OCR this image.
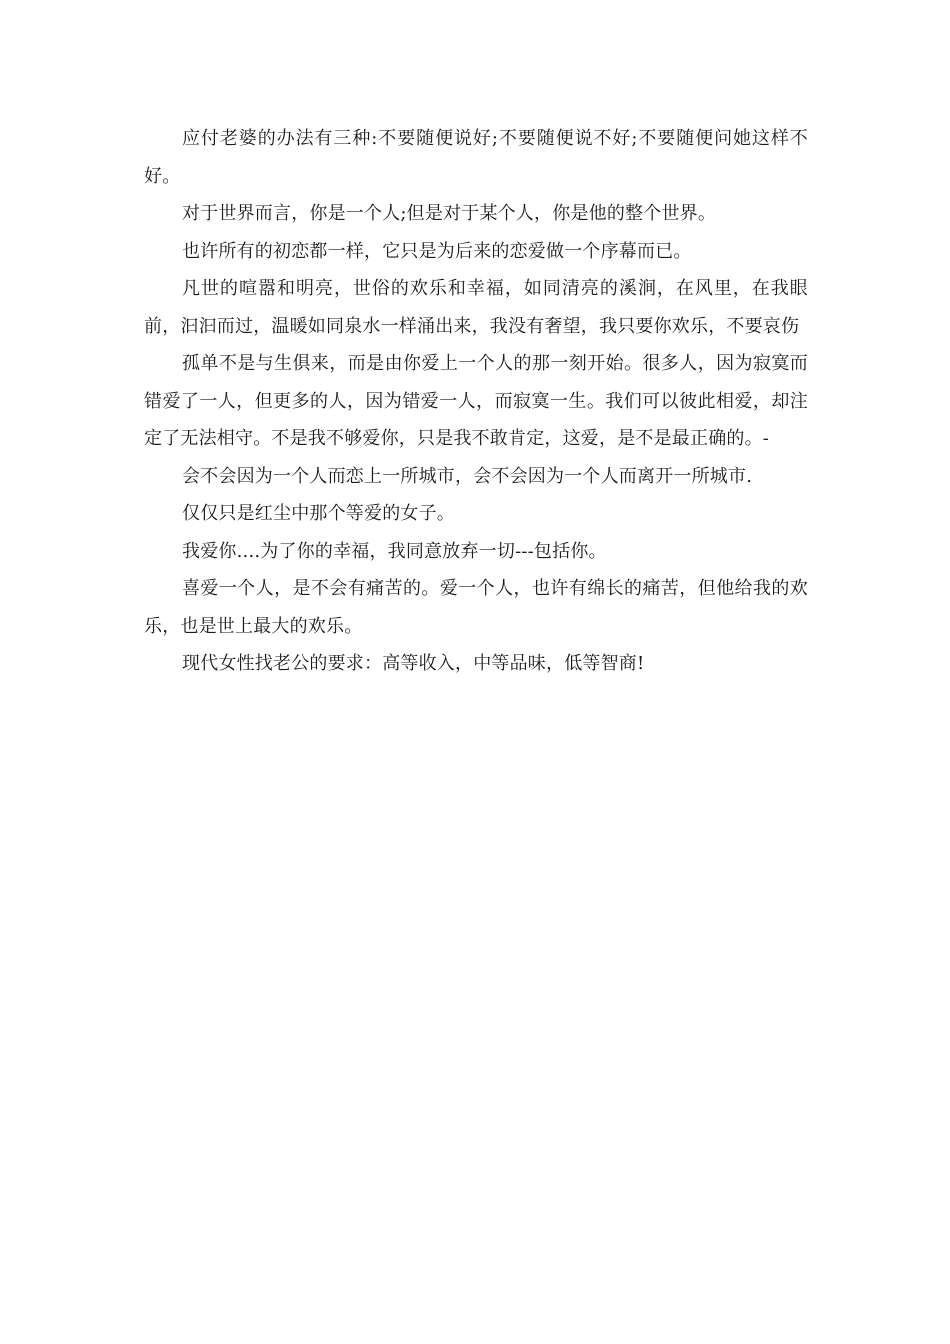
应付老婆的办法有三种:不要随便说好;不要随便说不好;不要随便问她这样不好。

对于世界而言，你是一个人;但是对于某个人，你是他的整个世界。

也许所有的初恋都一样，它只是为后来的恋爱做一个序幕而已。

凡世的喧嚣和明亮，世俗的欢乐和幸福，如同清亮的溪涧，在风里，在我眼前，汩汩而过，温暖如同泉水一样涌出来，我没有奢望，我只要你欢乐，不要哀伤

孤单不是与生俱来，而是由你爱上一个人的那一刻开始。很多人，因为寂寞而错爱了一人，但更多的人，因为错爱一人，而寂寞一生。我们可以彼此相爱，却注定了无法相守。不是我不够爱你，只是我不敢肯定，这爱，是不是最正确的。-

会不会因为一个人而恋上一所城市，会不会因为一个人而离开一所城市.

仅仅只是红尘中那个等爱的女子。

我爱你....为了你的幸福，我同意放弃一切---包括你。

喜爱一个人，是不会有痛苦的。爱一个人，也许有绵长的痛苦，但他给我的欢乐，也是世上最大的欢乐。

现代女性找老公的要求：高等收入，中等品味，低等智商!
